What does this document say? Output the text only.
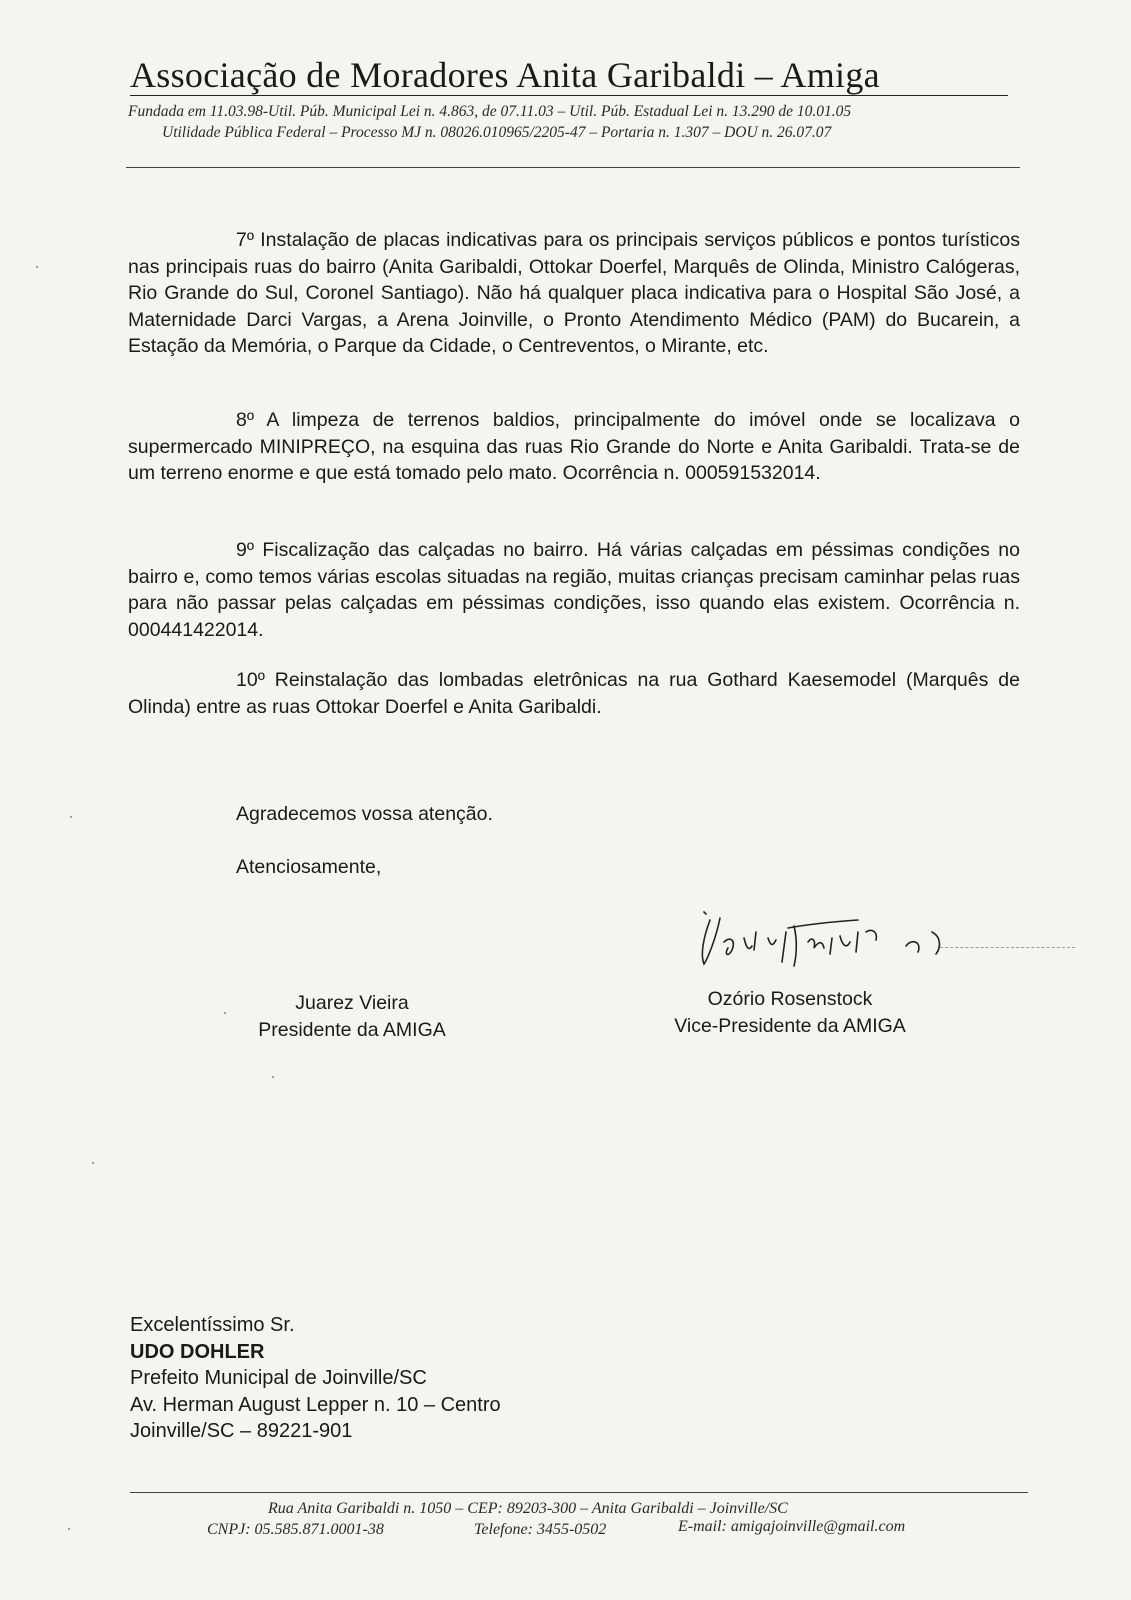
Associação de Moradores Anita Garibaldi – Amiga
Fundada em 11.03.98-Util. Púb. Municipal Lei n. 4.863, de 07.11.03 – Util. Púb. Estadual Lei n. 13.290 de 10.01.05
Utilidade Pública Federal – Processo MJ n. 08026.010965/2205-47 – Portaria n. 1.307 – DOU n. 26.07.07
7º Instalação de placas indicativas para os principais serviços públicos e pontos turísticos nas principais ruas do bairro (Anita Garibaldi, Ottokar Doerfel, Marquês de Olinda, Ministro Calógeras, Rio Grande do Sul, Coronel Santiago). Não há qualquer placa indicativa para o Hospital São José, a Maternidade Darci Vargas, a Arena Joinville, o Pronto Atendimento Médico (PAM) do Bucarein, a Estação da Memória, o Parque da Cidade, o Centreventos, o Mirante, etc.
8º A limpeza de terrenos baldios, principalmente do imóvel onde se localizava o supermercado MINIPREÇO, na esquina das ruas Rio Grande do Norte e Anita Garibaldi. Trata-se de um terreno enorme e que está tomado pelo mato. Ocorrência n. 000591532014.
9º Fiscalização das calçadas no bairro. Há várias calçadas em péssimas condições no bairro e, como temos várias escolas situadas na região, muitas crianças precisam caminhar pelas ruas para não passar pelas calçadas em péssimas condições, isso quando elas existem. Ocorrência n. 000441422014.
10º Reinstalação das lombadas eletrônicas na rua Gothard Kaesemodel (Marquês de Olinda) entre as ruas Ottokar Doerfel e Anita Garibaldi.
Agradecemos vossa atenção.
Atenciosamente,
Juarez Vieira
Presidente da AMIGA
Ozório Rosenstock
Vice-Presidente da AMIGA
Excelentíssimo Sr.
UDO DOHLER
Prefeito Municipal de Joinville/SC
Av. Herman August Lepper n. 10 – Centro
Joinville/SC – 89221-901
Rua Anita Garibaldi n. 1050 – CEP: 89203-300 – Anita Garibaldi – Joinville/SC
CNPJ: 05.585.871.0001-38	Telefone: 3455-0502	E-mail: amigajoinville@gmail.com
